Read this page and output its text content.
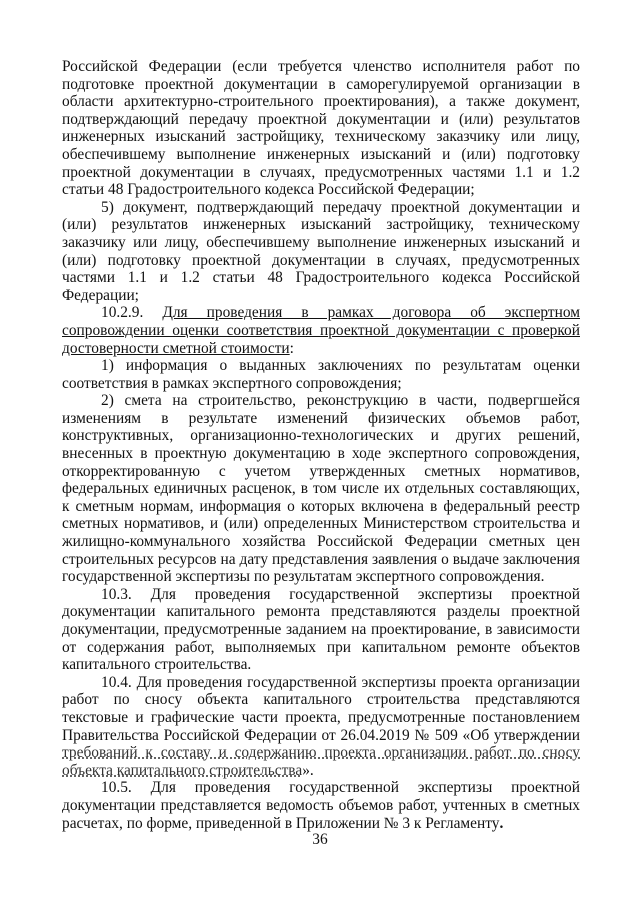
Российской Федерации (если требуется членство исполнителя работ по подготовке проектной документации в саморегулируемой организации в области архитектурно-строительного проектирования), а также документ, подтверждающий передачу проектной документации и (или) результатов инженерных изысканий застройщику, техническому заказчику или лицу, обеспечившему выполнение инженерных изысканий и (или) подготовку проектной документации в случаях, предусмотренных частями 1.1 и 1.2 статьи 48 Градостроительного кодекса Российской Федерации;

5) документ, подтверждающий передачу проектной документации и (или) результатов инженерных изысканий застройщику, техническому заказчику или лицу, обеспечившему выполнение инженерных изысканий и (или) подготовку проектной документации в случаях, предусмотренных частями 1.1 и 1.2 статьи 48 Градостроительного кодекса Российской Федерации;

10.2.9. Для проведения в рамках договора об экспертном сопровождении оценки соответствия проектной документации с проверкой достоверности сметной стоимости:

1) информация о выданных заключениях по результатам оценки соответствия в рамках экспертного сопровождения;

2) смета на строительство, реконструкцию в части, подвергшейся изменениям в результате изменений физических объемов работ, конструктивных, организационно-технологических и других решений, внесенных в проектную документацию в ходе экспертного сопровождения, откорректированную с учетом утвержденных сметных нормативов, федеральных единичных расценок, в том числе их отдельных составляющих, к сметным нормам, информация о которых включена в федеральный реестр сметных нормативов, и (или) определенных Министерством строительства и жилищно-коммунального хозяйства Российской Федерации сметных цен строительных ресурсов на дату представления заявления о выдаче заключения государственной экспертизы по результатам экспертного сопровождения.

10.3. Для проведения государственной экспертизы проектной документации капитального ремонта представляются разделы проектной документации, предусмотренные заданием на проектирование, в зависимости от содержания работ, выполняемых при капитальном ремонте объектов капитального строительства.

10.4. Для проведения государственной экспертизы проекта организации работ по сносу объекта капитального строительства представляются текстовые и графические части проекта, предусмотренные постановлением Правительства Российской Федерации от 26.04.2019 № 509 «Об утверждении требований к составу и содержанию проекта организации работ по сносу объекта капитального строительства».

10.5. Для проведения государственной экспертизы проектной документации представляется ведомость объемов работ, учтенных в сметных расчетах, по форме, приведенной в Приложении № 3 к Регламенту.

36
